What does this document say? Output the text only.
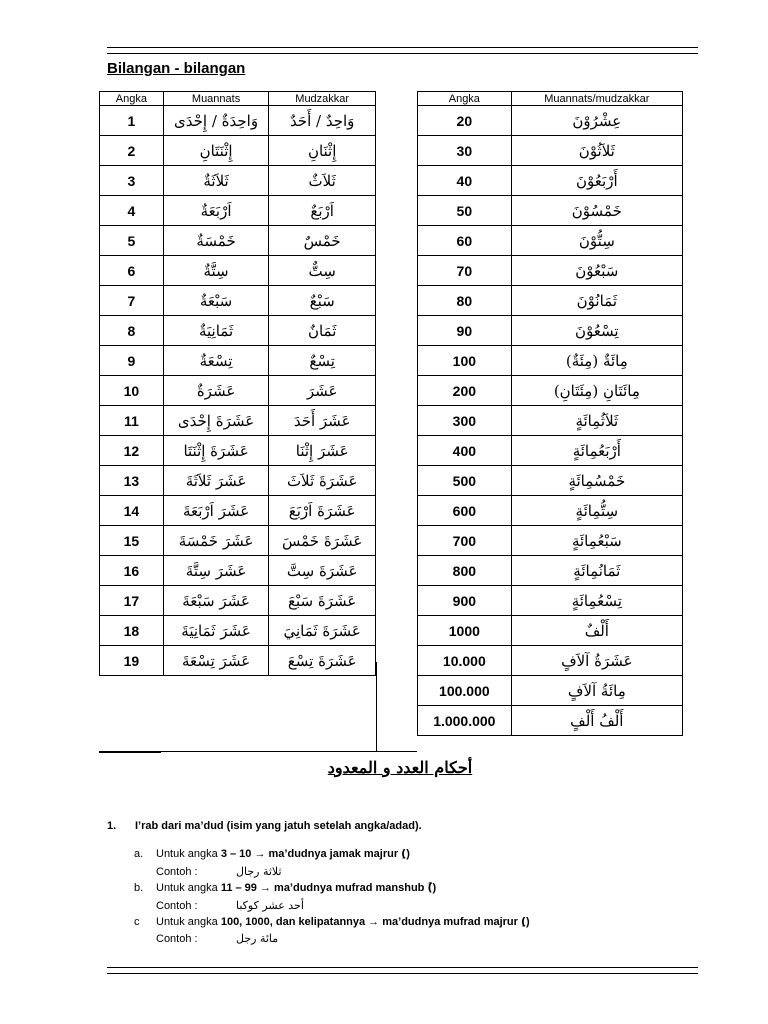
Bilangan - bilangan
Angka	Muannats	Mudzakkar
1	وَاحِدَةٌ / إِحْدَى	وَاحِدٌ / أَحَدٌ
2	إِثْنَتَانِ	إِثْنَانِ
3	ثَلاَثَةٌ	ثَلاَثٌ
4	اَرْبَعَةٌ	اَرْبَعٌ
5	خَمْسَةٌ	خَمْسٌ
6	سِتَّةٌ	سِتٌّ
7	سَبْعَةٌ	سَبْعٌ
8	ثَمَانِيَةٌ	ثَمَانٌ
9	تِسْعَةٌ	تِسْعٌ
10	عَشَرَةٌ	عَشَرَ
11	عَشَرَةَ إِحْدَى	عَشَرَ أَحَدَ
12	عَشَرَةَ إِثْنَتَا	عَشَرَ إِثْنَا
13	عَشَرَ ثَلاَثَةَ	عَشَرَةَ ثَلاَثَ
14	عَشَرَ اَرْبَعَةَ	عَشَرَةَ اَرْبَعَ
15	عَشَرَ خَمْسَةَ	عَشَرَةَ خَمْسَ
16	عَشَرَ سِتَّةَ	عَشَرَةَ سِتَّ
17	عَشَرَ سَبْعَةَ	عَشَرَةَ سَبْعَ
18	عَشَرَ ثَمَانِيَةَ	عَشَرَةَ ثَمَانِيَ
19	عَشَرَ تِسْعَةَ	عَشَرَةَ تِسْعَ
Angka	Muannats/mudzakkar
20	عِشْرُوْنَ
30	ثَلاَثُوْنَ
40	أَرْبَعُوْنَ
50	خَمْسُوْنَ
60	سِتُّوْنَ
70	سَبْعُوْنَ
80	ثَمَانُوْنَ
90	تِسْعُوْنَ
100	مِائَةٌ (مِئَةٌ)
200	مِائَتَانِ (مِئَتَانِ)
300	ثَلاَثُمِائَةٍ
400	أَرْبَعُمِائَةٍ
500	خَمْسُمِائَةٍ
600	سِتُّمِائَةٍ
700	سَبْعُمِائَةٍ
800	ثَمَانُمِائَةٍ
900	تِسْعُمِائَةٍ
1000	أَلْفٌ
10.000	عَشَرَةُ آلاَفٍ
100.000	مِائَةُ آلاَفٍ
1.000.000	أَلْفُ أَلْفٍ
أحكام العدد و المعدود
1. I’rab dari ma’dud (isim yang jatuh setelah angka/adad).
a. Untuk angka 3 – 10 → ma’dudnya jamak majrur (ِ)
Contoh :	ثلاثة رجال
b. Untuk angka 11 – 99 → ma’dudnya mufrad manshub (ً)
Contoh :	أحد عشر كوكبا
c Untuk angka 100, 1000, dan kelipatannya → ma’dudnya mufrad majrur (ِ)
Contoh :	مائة رجل
